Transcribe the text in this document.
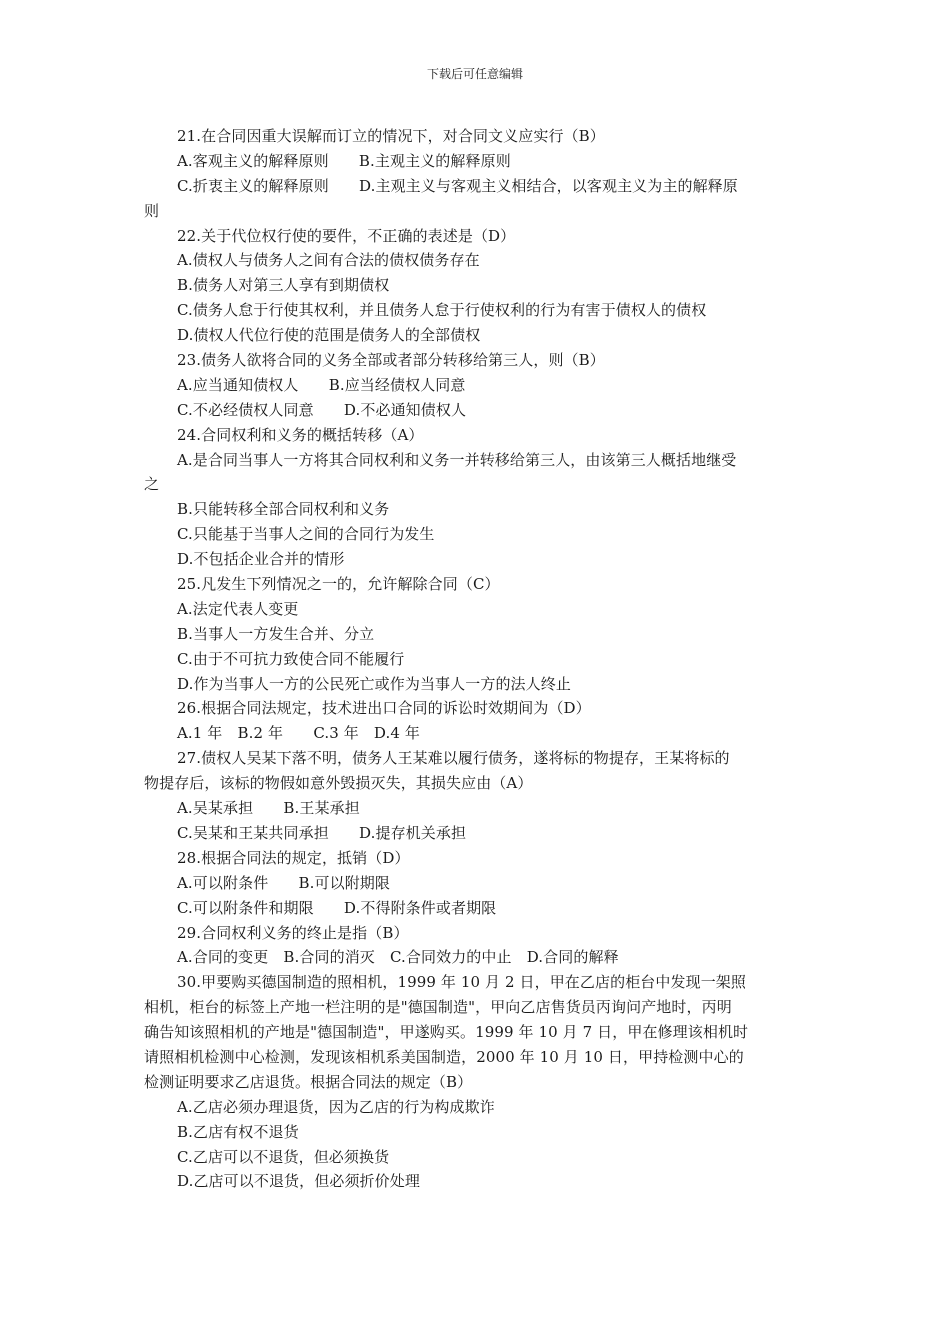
下载后可任意编辑
21.在合同因重大误解而订立的情况下，对合同文义应实行（B）
A.客观主义的解释原则　　B.主观主义的解释原则
C.折衷主义的解释原则　　D.主观主义与客观主义相结合，以客观主义为主的解释原
则
22.关于代位权行使的要件，不正确的表述是（D）
A.债权人与债务人之间有合法的债权债务存在
B.债务人对第三人享有到期债权
C.债务人怠于行使其权利，并且债务人怠于行使权利的行为有害于债权人的债权
D.债权人代位行使的范围是债务人的全部债权
23.债务人欲将合同的义务全部或者部分转移给第三人，则（B）
A.应当通知债权人　　B.应当经债权人同意
C.不必经债权人同意　　D.不必通知债权人
24.合同权利和义务的概括转移（A）
A.是合同当事人一方将其合同权利和义务一并转移给第三人，由该第三人概括地继受
之
B.只能转移全部合同权利和义务
C.只能基于当事人之间的合同行为发生
D.不包括企业合并的情形
25.凡发生下列情况之一的，允许解除合同（C）
A.法定代表人变更
B.当事人一方发生合并、分立
C.由于不可抗力致使合同不能履行
D.作为当事人一方的公民死亡或作为当事人一方的法人终止
26.根据合同法规定，技术进出口合同的诉讼时效期间为（D）
A.1 年　B.2 年　　C.3 年　D.4 年
27.债权人吴某下落不明，债务人王某难以履行债务，遂将标的物提存，王某将标的
物提存后，该标的物假如意外毁损灭失，其损失应由（A）
A.吴某承担　　B.王某承担
C.吴某和王某共同承担　　D.提存机关承担
28.根据合同法的规定，抵销（D）
A.可以附条件　　B.可以附期限
C.可以附条件和期限　　D.不得附条件或者期限
29.合同权利义务的终止是指（B）
A.合同的变更　B.合同的消灭　C.合同效力的中止　D.合同的解释
30.甲要购买德国制造的照相机，1999 年 10 月 2 日，甲在乙店的柜台中发现一架照
相机，柜台的标签上产地一栏注明的是"德国制造"，甲向乙店售货员丙询问产地时，丙明
确告知该照相机的产地是"德国制造"，甲遂购买。1999 年 10 月 7 日，甲在修理该相机时
请照相机检测中心检测，发现该相机系美国制造，2000 年 10 月 10 日，甲持检测中心的
检测证明要求乙店退货。根据合同法的规定（B）
A.乙店必须办理退货，因为乙店的行为构成欺诈
B.乙店有权不退货
C.乙店可以不退货，但必须换货
D.乙店可以不退货，但必须折价处理
